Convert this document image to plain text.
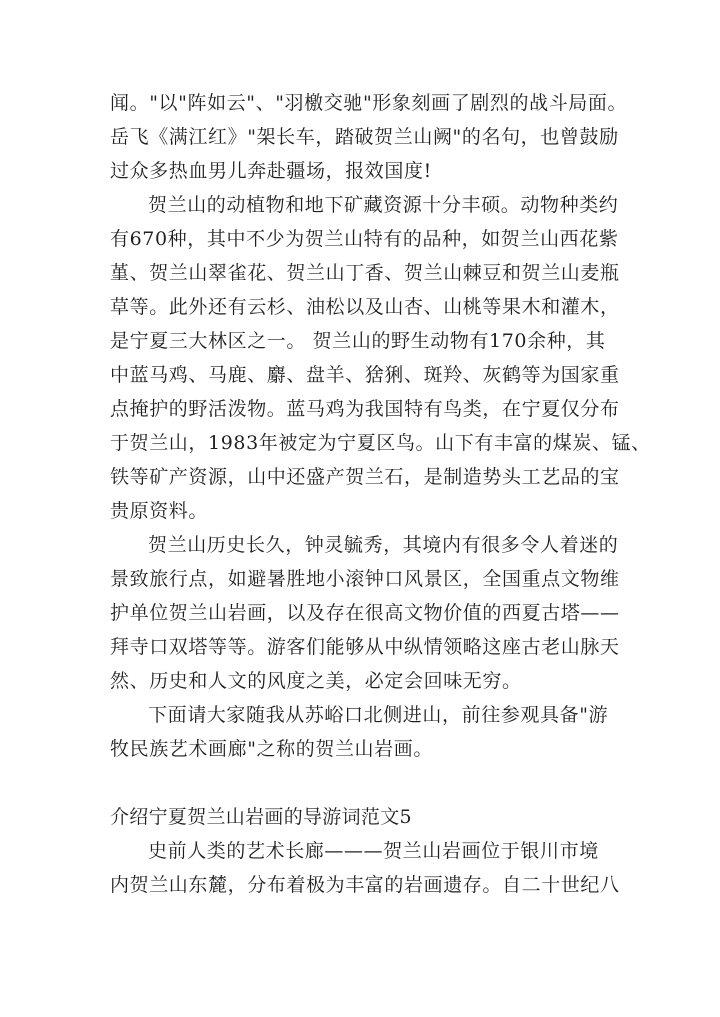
闻。"以"阵如云"、"羽檄交驰"形象刻画了剧烈的战斗局面。
岳飞《满江红》"架长车，踏破贺兰山阙"的名句，也曾鼓励
过众多热血男儿奔赴疆场，报效国度!
贺兰山的动植物和地下矿藏资源十分丰硕。动物种类约
有670种，其中不少为贺兰山特有的品种，如贺兰山西花紫
堇、贺兰山翠雀花、贺兰山丁香、贺兰山棘豆和贺兰山麦瓶
草等。此外还有云杉、油松以及山杏、山桃等果木和灌木，
是宁夏三大林区之一。 贺兰山的野生动物有170余种，其
中蓝马鸡、马鹿、麝、盘羊、猞猁、斑羚、灰鹤等为国家重
点掩护的野活泼物。蓝马鸡为我国特有鸟类，在宁夏仅分布
于贺兰山，1983年被定为宁夏区鸟。山下有丰富的煤炭、锰、
铁等矿产资源，山中还盛产贺兰石，是制造势头工艺品的宝
贵原资料。
贺兰山历史长久，钟灵毓秀，其境内有很多令人着迷的
景致旅行点，如避暑胜地小滚钟口风景区，全国重点文物维
护单位贺兰山岩画，以及存在很高文物价值的西夏古塔——
拜寺口双塔等等。游客们能够从中纵情领略这座古老山脉天
然、历史和人文的风度之美，必定会回味无穷。
下面请大家随我从苏峪口北侧进山，前往参观具备"游
牧民族艺术画廊"之称的贺兰山岩画。
介绍宁夏贺兰山岩画的导游词范文5
史前人类的艺术长廊———贺兰山岩画位于银川市境
内贺兰山东麓，分布着极为丰富的岩画遗存。自二十世纪八
